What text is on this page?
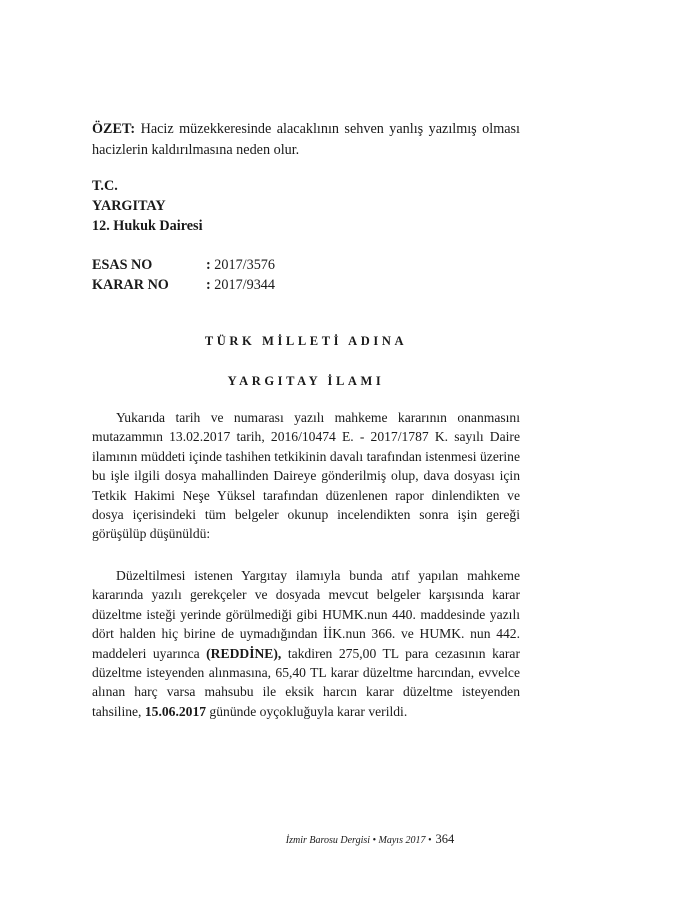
ÖZET: Haciz müzekkeresinde alacaklının sehven yanlış yazılmış olması hacizlerin kaldırılmasına neden olur.
T.C.
YARGITAY
12. Hukuk Dairesi
ESAS NO	: 2017/3576
KARAR NO	: 2017/9344
TÜRK MİLLETİ ADINA
YARGITAY İLAMI
Yukarıda tarih ve numarası yazılı mahkeme kararının onanmasını mutazammın 13.02.2017 tarih, 2016/10474 E. - 2017/1787 K. sayılı Daire ilamının müddeti içinde tashihen tetkikinin davalı tarafından istenmesi üzerine bu işle ilgili dosya mahallinden Daireye gönderilmiş olup, dava dosyası için Tetkik Hakimi Neşe Yüksel tarafından düzenlenen rapor dinlendikten ve dosya içerisindeki tüm belgeler okunup incelendikten sonra işin gereği görüşülüp düşünüldü:
Düzeltilmesi istenen Yargıtay ilamıyla bunda atıf yapılan mahkeme kararında yazılı gerekçeler ve dosyada mevcut belgeler karşısında karar düzeltme isteği yerinde görülmediği gibi HUMK.nun 440. maddesinde yazılı dört halden hiç birine de uymadığından İİK.nun 366. ve HUMK. nun 442. maddeleri uyarınca (REDDİNE), takdiren 275,00 TL para cezasının karar düzeltme isteyenden alınmasına, 65,40 TL karar düzeltme harcından, evvelce alınan harç varsa mahsubu ile eksik harcın karar düzeltme isteyenden tahsiline, 15.06.2017 gününde oyçokluğuyla karar verildi.
İzmir Barosu Dergisi • Mayıs 2017 • 364
